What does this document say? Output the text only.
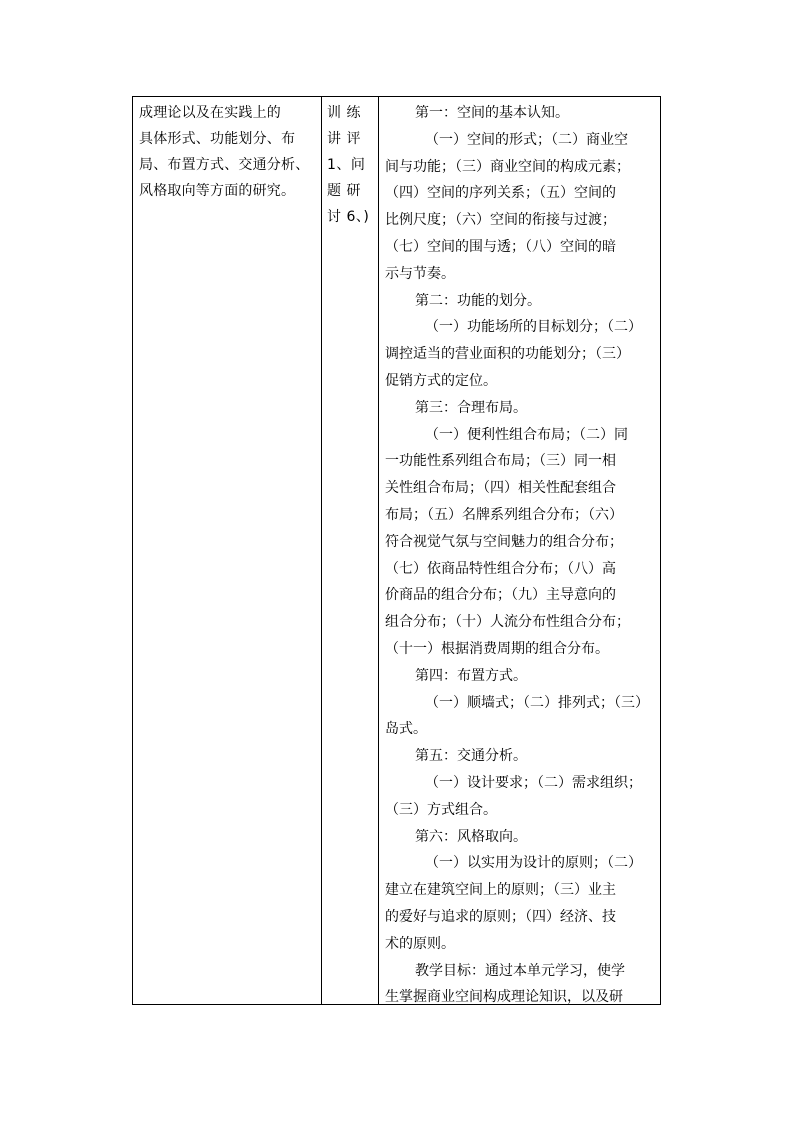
成理论以及在实践上的
具体形式、功能划分、布
局、布置方式、交通分析、
风格取向等方面的研究。
训 练
讲 评
1、问
题 研
讨 6、)
第一：空间的基本认知。
（一）空间的形式；（二）商业空
间与功能；（三）商业空间的构成元素；
（四）空间的序列关系；（五）空间的
比例尺度；（六）空间的衔接与过渡；
（七）空间的围与透；（八）空间的暗
示与节奏。
第二：功能的划分。
（一）功能场所的目标划分；（二）
调控适当的营业面积的功能划分；（三）
促销方式的定位。
第三：合理布局。
（一）便利性组合布局；（二）同
一功能性系列组合布局；（三）同一相
关性组合布局；（四）相关性配套组合
布局；（五）名牌系列组合分布；（六）
符合视觉气氛与空间魅力的组合分布；
（七）依商品特性组合分布；（八）高
价商品的组合分布；（九）主导意向的
组合分布；（十）人流分布性组合分布；
（十一）根据消费周期的组合分布。
第四：布置方式。
（一）顺墙式；（二）排列式；（三）
岛式。
第五：交通分析。
（一）设计要求；（二）需求组织；
（三）方式组合。
第六：风格取向。
（一）以实用为设计的原则；（二）
建立在建筑空间上的原则；（三）业主
的爱好与追求的原则；（四）经济、技
术的原则。
教学目标：通过本单元学习，使学
生掌握商业空间构成理论知识，以及研
